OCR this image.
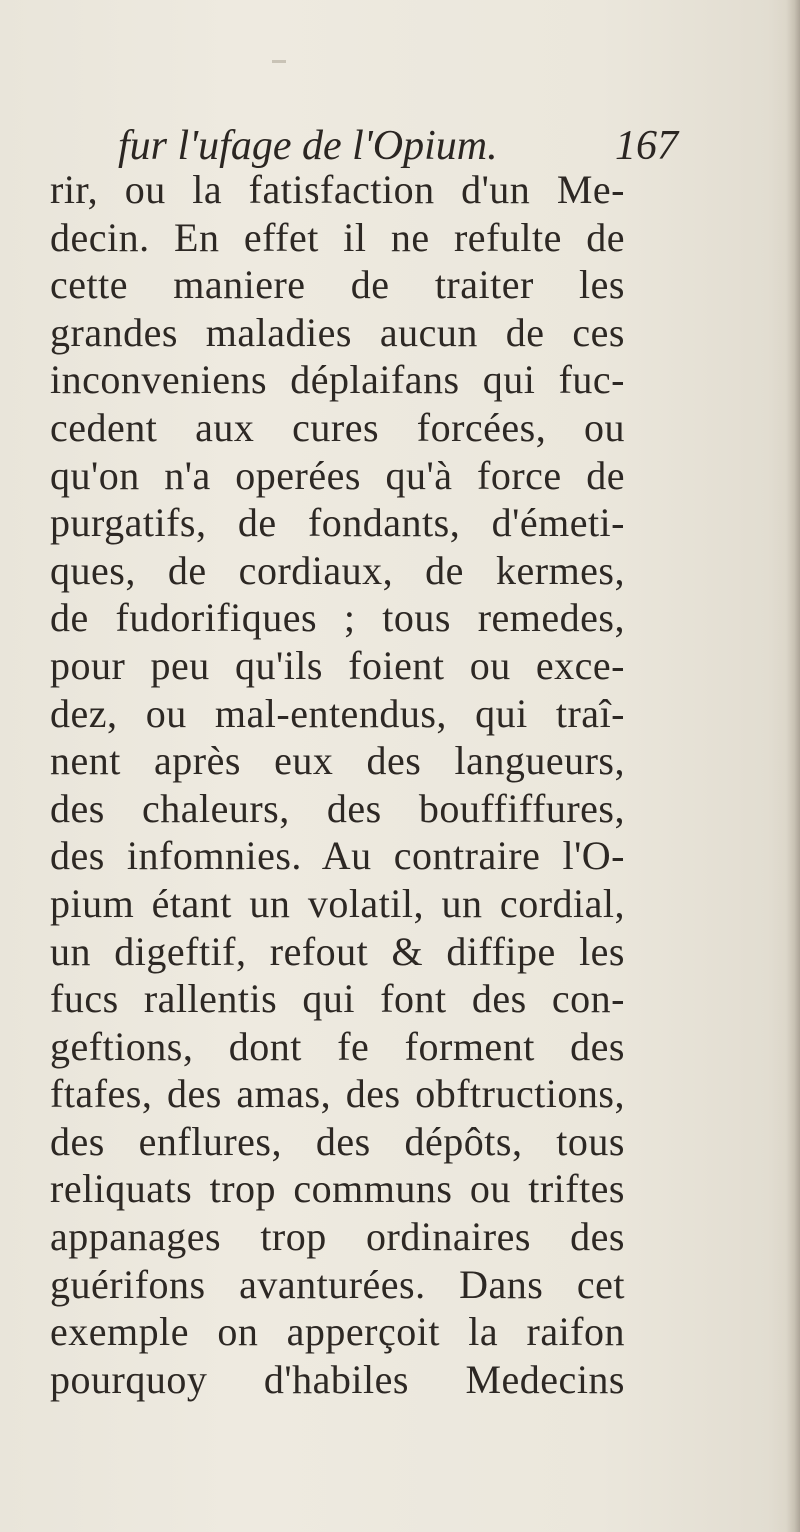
fur l'ufage de l'Opium.	167
rir, ou la fatisfaction d'un Me-
decin. En effet il ne refulte de
cette maniere de traiter les
grandes maladies aucun de ces
inconveniens déplaifans qui fuc-
cedent aux cures forcées, ou
qu'on n'a operées qu'à force de
purgatifs, de fondants, d'émeti-
ques, de cordiaux, de kermes,
de fudorifiques ; tous remedes,
pour peu qu'ils foient ou exce-
dez, ou mal-entendus, qui traî-
nent après eux des langueurs,
des chaleurs, des bouffiffures,
des infomnies. Au contraire l'O-
pium étant un volatil, un cordial,
un digeftif, refout & diffipe les
fucs rallentis qui font des con-
geftions, dont fe forment des
ftafes, des amas, des obftructions,
des enflures, des dépôts, tous
reliquats trop communs ou triftes
appanages trop ordinaires des
guérifons avanturées. Dans cet
exemple on apperçoit la raifon
pourquoy d'habiles Medecins
